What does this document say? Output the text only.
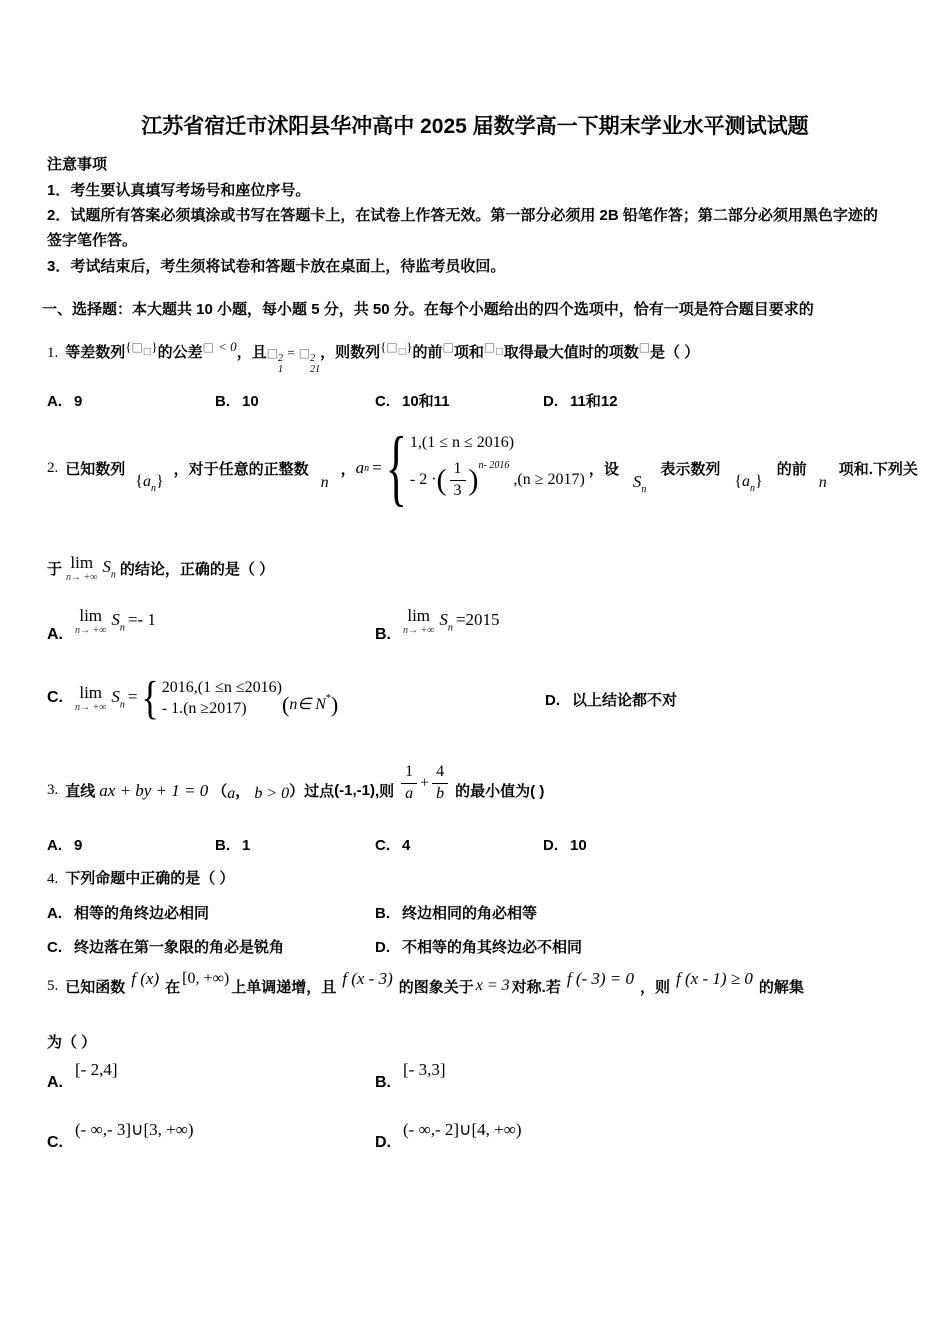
江苏省宿迁市沭阳县华冲高中 2025 届数学高一下期末学业水平测试试题
注意事项
1．考生要认真填写考场号和座位序号。
2．试题所有答案必须填涂或书写在答题卡上，在试卷上作答无效。第一部分必须用 2B 铅笔作答；第二部分必须用黑色字迹的签字笔作答。
3．考试结束后，考生须将试卷和答题卡放在桌面上，待监考员收回。
一、选择题：本大题共 10 小题，每小题 5 分，共 50 分。在每个小题给出的四个选项中，恰有一项是符合题目要求的
1. 等差数列$\{□_□\}$的公差□ < 0，且□ 2
1
= □ 2
21
，则数列$\{□_□\}$的前□项和$□_□$取得最大值时的项数□是（ ）
A. 9	B. 10	C. 10和11	D. 11和12
2. 已知数列
$\{a_n\}$
，对于任意的正整数
n
， a n = { 1,(1 ≤ n ≤ 2016)
- 2 ·( $\frac{1}{3} )^{n- 2016},(n \ge 2017)$
，设
$S_n$
表示数列
$\{a_n\}$
的前
n
项和.下列关
于 lim
n→ +∞
$S_n$ 的结论，正确的是（ ）
A.
lim
n→ +∞
$S_n =- 1$
B.
lim
n→ +∞
$S_n =2015$
C. lim
n→ +∞
$S_n$ = { 2016,(1 ≤n ≤2016)
- 1.(n ≥2017)	(n∈ N*)	D. 以上结论都不对
3. 直线 ax + by + 1 = 0 （ a ， b > 0 ）过点 (-1,-1) ,则 $\frac{1}{a} + \frac{4}{b}$ 的最小值为( )
A. 9	B. 1	C. 4	D. 10
4. 下列命题中正确的是（ ）
A. 相等的角终边必相同	B. 终边相同的角必相等
C. 终边落在第一象限的角必是锐角	D. 不相等的角其终边必不相同
5. 已知函数 f (x) 在 [0, +∞) 上单调递增，且 f (x - 3) 的图象关于 x = 3 对称.若 f (- 3) = 0 ，则 f (x - 1) ≥ 0 的解集
为（ ）
A.[- 2,4]
B.[- 3,3]
C.(- ∞,- 3]∪[3, +∞)
D.(- ∞,- 2]∪[4, +∞)
